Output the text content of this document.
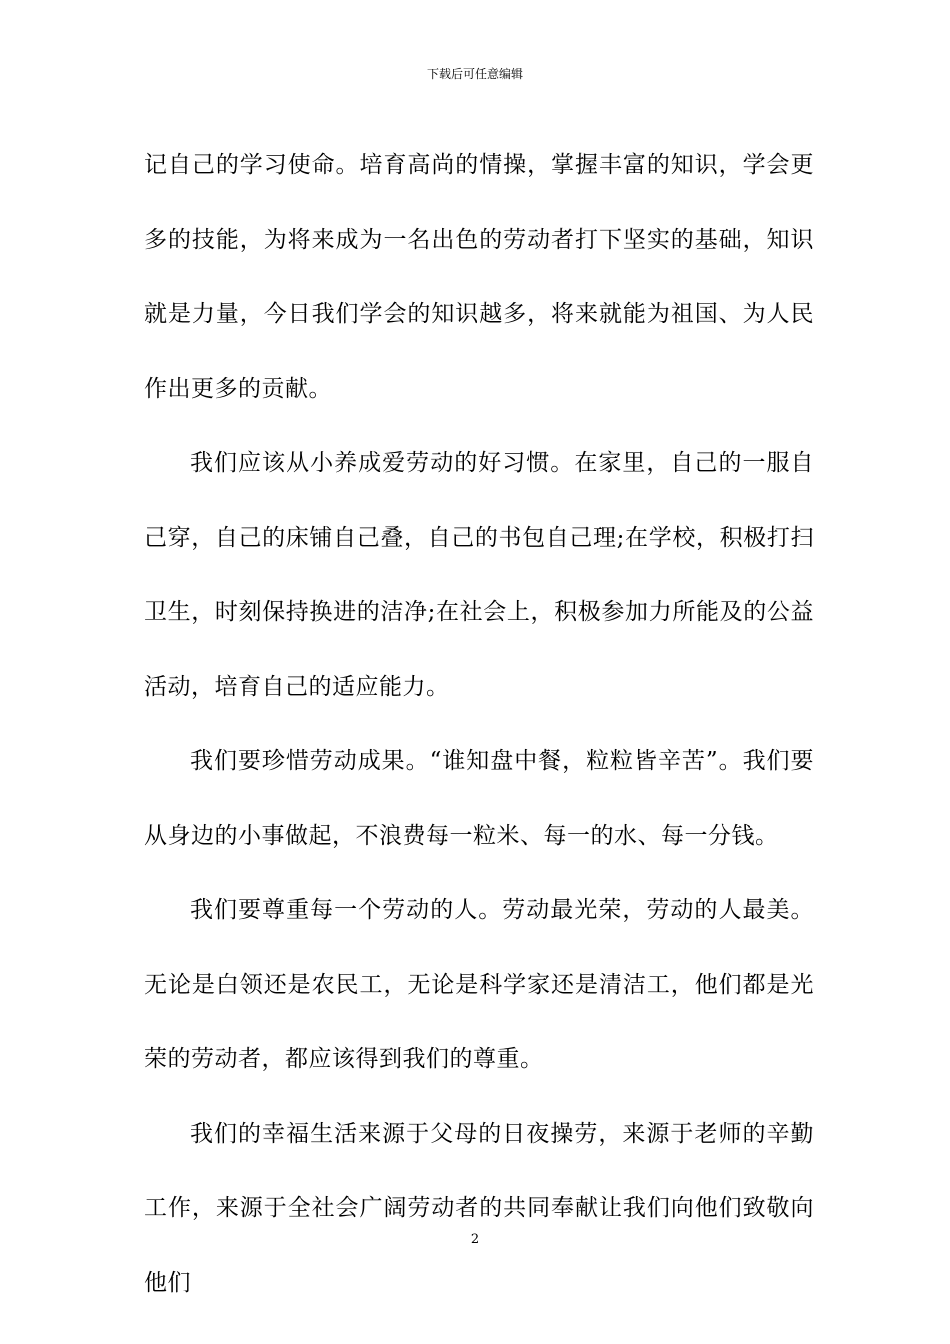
下载后可任意编辑

记自己的学习使命。培育高尚的情操，掌握丰富的知识，学会更多的技能，为将来成为一名出色的劳动者打下坚实的基础，知识就是力量，今日我们学会的知识越多，将来就能为祖国、为人民作出更多的贡献。

我们应该从小养成爱劳动的好习惯。在家里，自己的一服自己穿，自己的床铺自己叠，自己的书包自己理;在学校，积极打扫卫生，时刻保持换进的洁净;在社会上，积极参加力所能及的公益活动，培育自己的适应能力。

我们要珍惜劳动成果。“谁知盘中餐，粒粒皆辛苦”。我们要从身边的小事做起，不浪费每一粒米、每一的水、每一分钱。

我们要尊重每一个劳动的人。劳动最光荣，劳动的人最美。无论是白领还是农民工，无论是科学家还是清洁工，他们都是光荣的劳动者，都应该得到我们的尊重。

我们的幸福生活来源于父母的日夜操劳，来源于老师的辛勤工作，来源于全社会广阔劳动者的共同奉献让我们向他们致敬向他们

2
